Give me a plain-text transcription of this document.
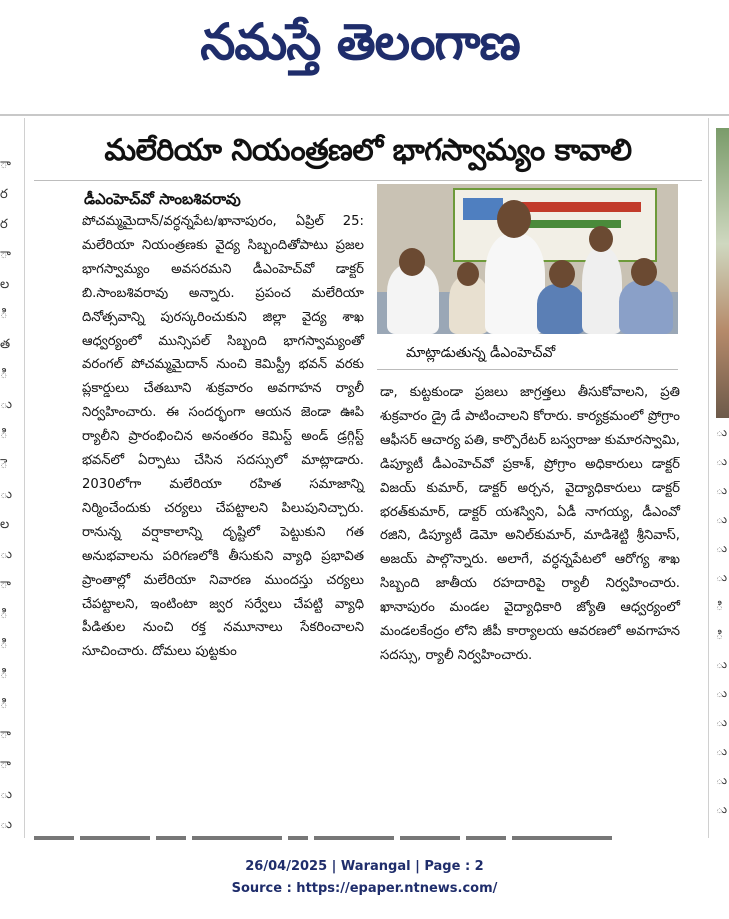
నమస్తే తెలంగాణ
ా
ర
ర
ా
ల
ి
త
ి
ు
ి
ె
ు
ల
ు
ా
ి
ి
ి
ి
ా
ా
ు
ు
ు
ు
ు
ు
ు
ు
ి
ి
ు
ు
ు
ు
ు
ు
మలేరియా నియంత్రణలో భాగస్వామ్యం కావాలి
డీఎంహెచ్‌వో సాంబశివరావు

పోచమ్మమైదాన్‌/వర్ధన్నపేట/ఖానాపురం, ఏప్రిల్‌ 25: మలేరియా నియంత్రణకు వైద్య సిబ్బందితోపాటు ప్రజల భాగస్వామ్యం అవసరమని డీఎంహెచ్‌వో డాక్టర్‌ బి.సాంబశివరావు అన్నారు. ప్రపంచ మలేరియా దినోత్సవాన్ని పురస్కరించుకుని జిల్లా వైద్య శాఖ ఆధ్వర్యంలో మున్సిపల్‌ సిబ్బంది భాగస్వామ్యంతో వరంగల్‌ పోచమ్మమైదాన్‌ నుంచి కెమిస్ట్రీ భవన్‌ వరకు ప్లకార్డులు చేతబూని శుక్రవారం అవగాహన ర్యాలీ నిర్వహించారు. ఈ సందర్భంగా ఆయన జెండా ఊపి ర్యాలీని ప్రారంభించిన అనంతరం కెమిస్ట్‌ అండ్‌ డ్రగ్గిస్ట్‌ భవన్‌లో ఏర్పాటు చేసిన సదస్సులో మాట్లాడారు. 2030లోగా మలేరియా రహిత సమాజాన్ని నిర్మించేందుకు చర్యలు చేపట్టాలని పిలుపునిచ్చారు. రానున్న వర్షాకాలాన్ని దృష్టిలో పెట్టుకుని గత అనుభవాలను పరిగణలోకి తీసుకుని వ్యాధి ప్రభావిత ప్రాంతాల్లో మలేరియా నివారణ ముందస్తు చర్యలు చేపట్టాలని, ఇంటింటా జ్వర సర్వేలు చేపట్టి వ్యాధి పీడితుల నుంచి రక్త నమూనాలు సేకరించాలని సూచించారు. దోమలు పుట్టకుం

మాట్లాడుతున్న డీఎంహెచ్‌వో

డా, కుట్టకుండా ప్రజలు జాగ్రత్తలు తీసుకోవాలని, ప్రతి శుక్రవారం డ్రై డే పాటించాలని కోరారు. కార్యక్రమంలో ప్రోగ్రాం ఆఫీసర్‌ ఆచార్య పతి, కార్పొరేటర్‌ బస్వరాజు కుమారస్వామి, డిప్యూటీ డీఎంహెచ్‌వో ప్రకాశ్‌, ప్రోగ్రాం అధికారులు డాక్టర్‌ విజయ్‌ కుమార్‌, డాక్టర్‌ అర్చన, వైద్యాధికారులు డాక్టర్‌ భరత్‌కుమార్‌, డాక్టర్‌ యశస్విని, ఏడీ నాగయ్య, డీఎంవో రజిని, డిప్యూటీ డెమో అనిల్‌కుమార్‌, మాడిశెట్టి శ్రీనివాస్‌, అజయ్‌ పాల్గొన్నారు. అలాగే, వర్ధన్నపేటలో ఆరోగ్య శాఖ సిబ్బంది జాతీయ రహదారిపై ర్యాలీ నిర్వహించారు. ఖానాపురం మండల వైద్యాధికారి జ్యోతి ఆధ్వర్యంలో మండలకేంద్రం లోని జీపీ కార్యాలయ ఆవరణలో అవగాహన సదస్సు, ర్యాలీ నిర్వహించారు.

26/04/2025 | Warangal | Page : 2
Source : https://epaper.ntnews.com/
